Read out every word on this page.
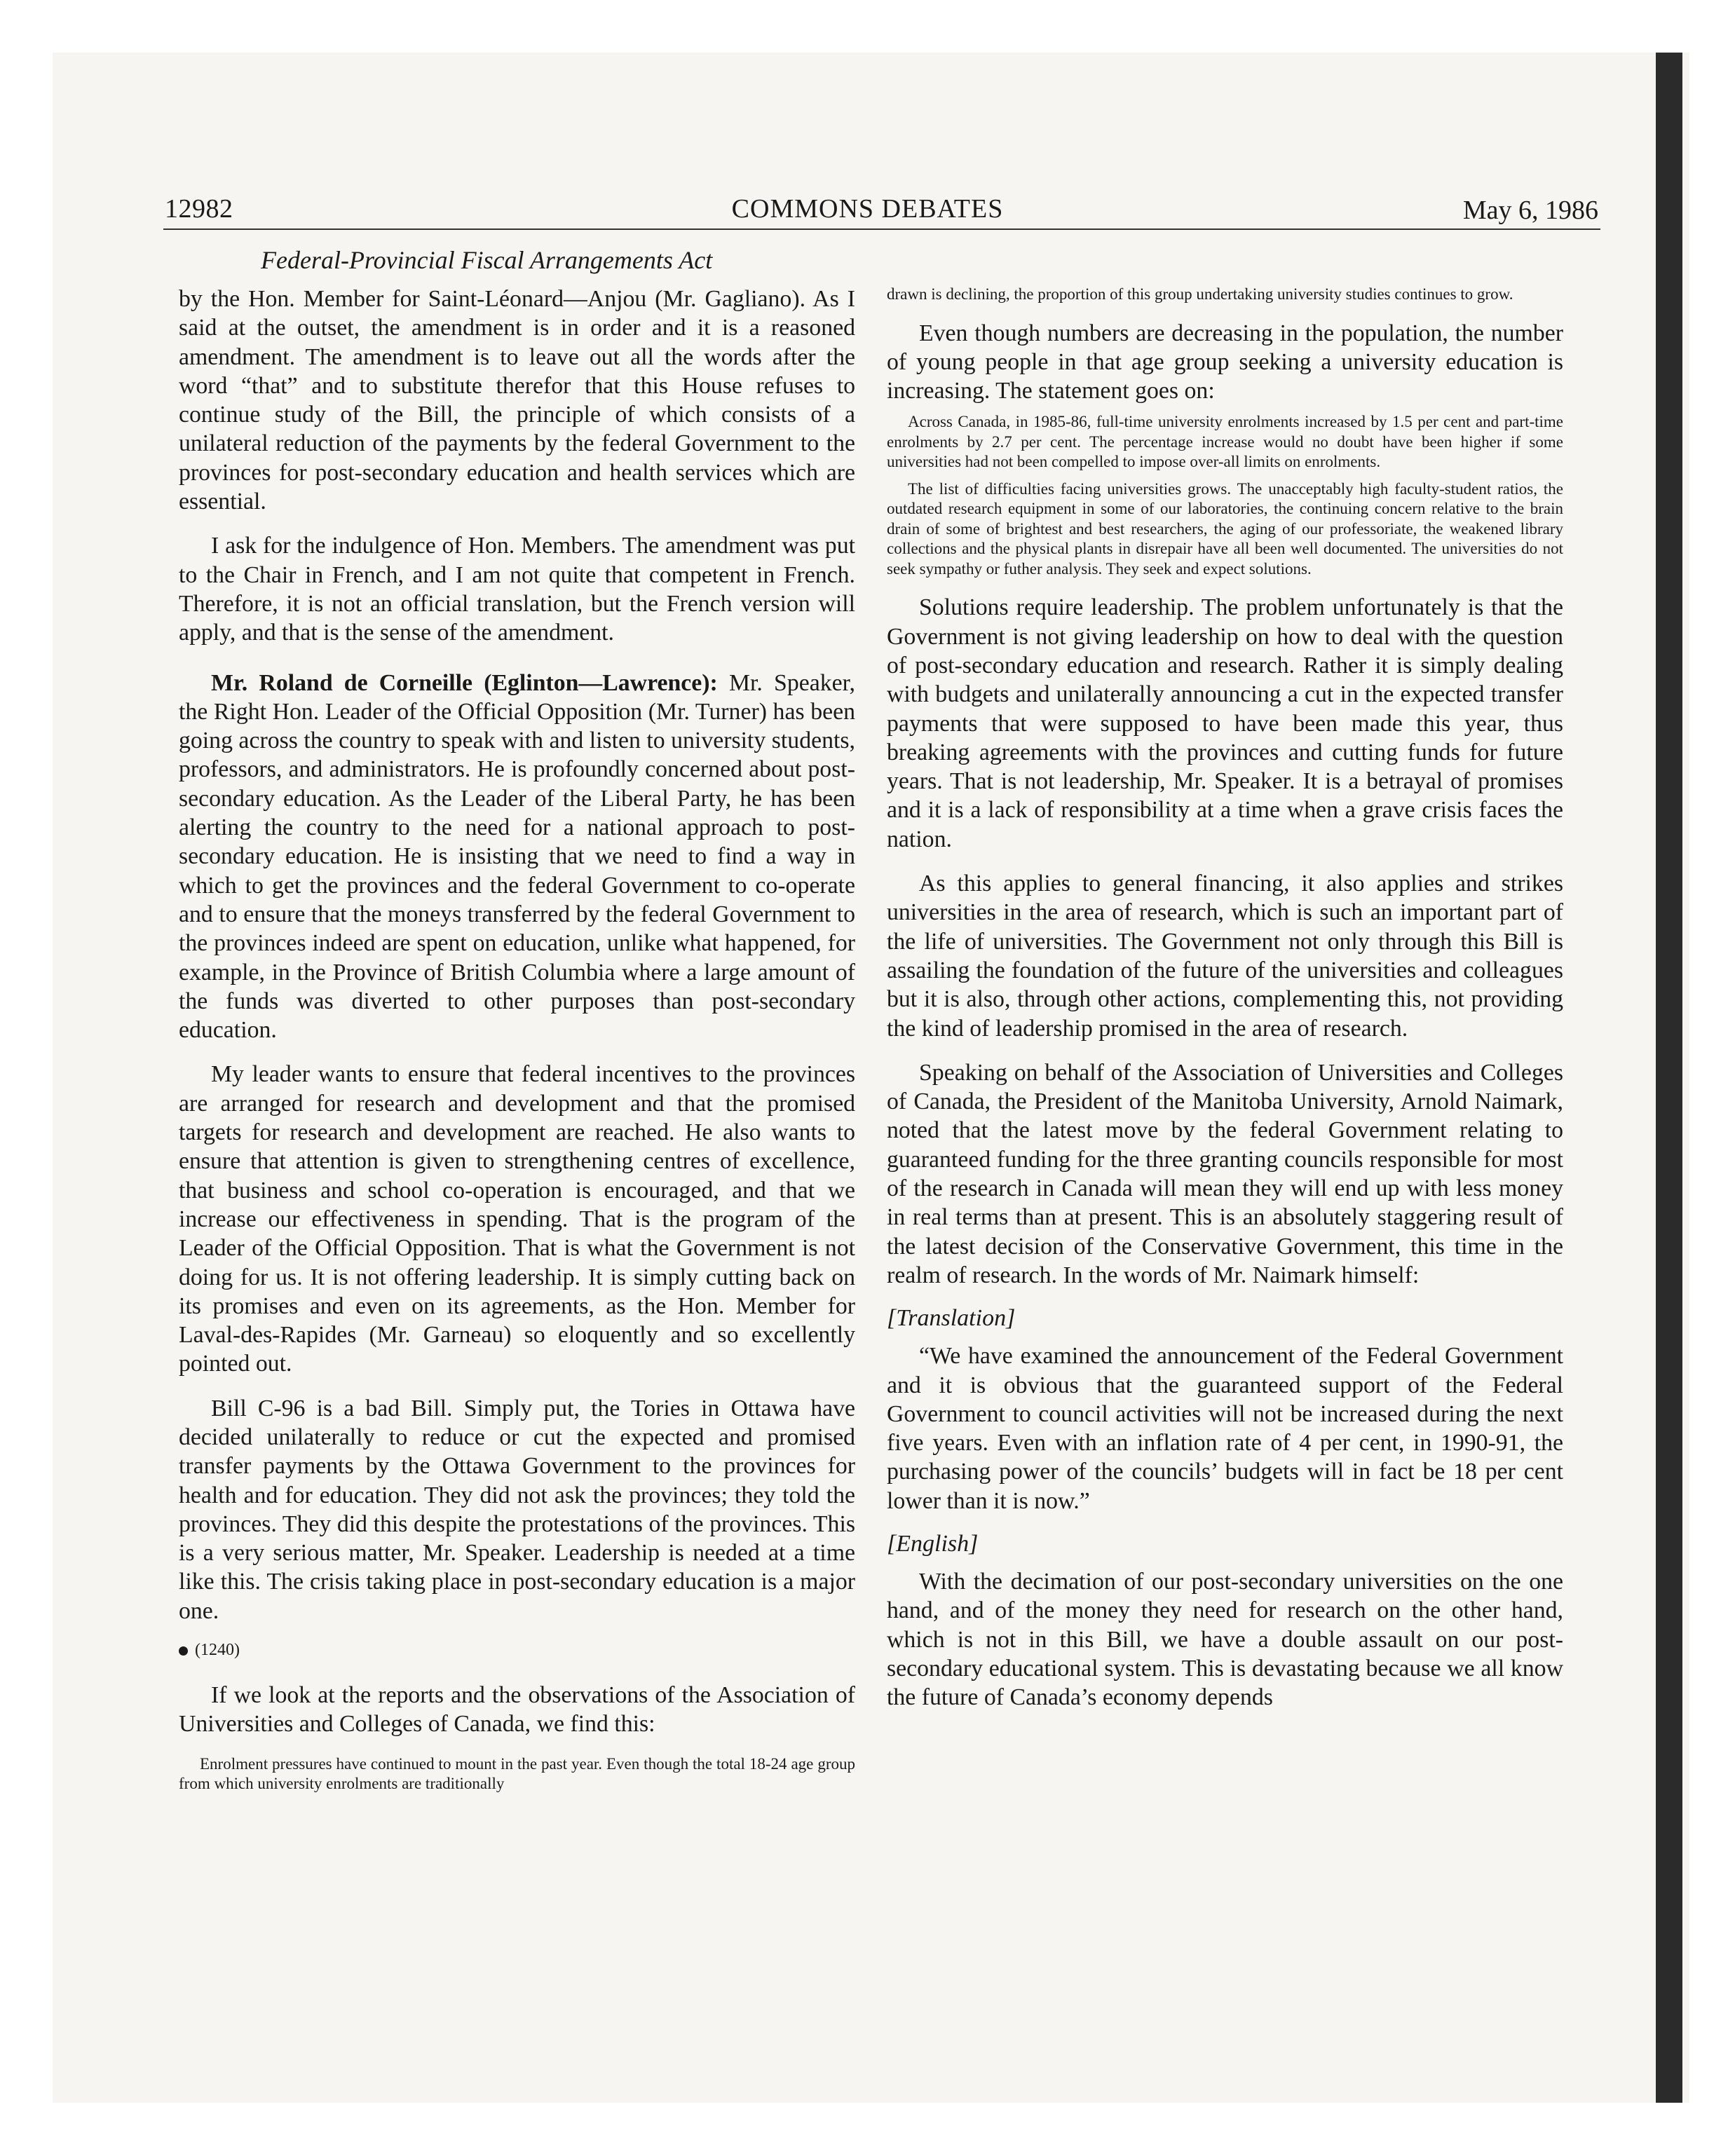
12982	COMMONS DEBATES	May 6, 1986
Federal-Provincial Fiscal Arrangements Act

by the Hon. Member for Saint-Léonard—Anjou (Mr. Gagliano). As I said at the outset, the amendment is in order and it is a reasoned amendment. The amendment is to leave out all the words after the word “that” and to substitute therefor that this House refuses to continue study of the Bill, the principle of which consists of a unilateral reduction of the payments by the federal Government to the provinces for post-secondary education and health services which are essential.

I ask for the indulgence of Hon. Members. The amendment was put to the Chair in French, and I am not quite that competent in French. Therefore, it is not an official translation, but the French version will apply, and that is the sense of the amendment.

Mr. Roland de Corneille (Eglinton—Lawrence): Mr. Speaker, the Right Hon. Leader of the Official Opposition (Mr. Turner) has been going across the country to speak with and listen to university students, professors, and administrators. He is profoundly concerned about post-secondary education. As the Leader of the Liberal Party, he has been alerting the country to the need for a national approach to post-secondary education. He is insisting that we need to find a way in which to get the provinces and the federal Government to co-operate and to ensure that the moneys transferred by the federal Government to the provinces indeed are spent on education, unlike what happened, for example, in the Province of British Columbia where a large amount of the funds was diverted to other purposes than post-secondary education.

My leader wants to ensure that federal incentives to the provinces are arranged for research and development and that the promised targets for research and development are reached. He also wants to ensure that attention is given to strengthening centres of excellence, that business and school co-operation is encouraged, and that we increase our effectiveness in spending. That is the program of the Leader of the Official Opposition. That is what the Government is not doing for us. It is not offering leadership. It is simply cutting back on its promises and even on its agreements, as the Hon. Member for Laval-des-Rapides (Mr. Garneau) so eloquently and so excellently pointed out.

Bill C-96 is a bad Bill. Simply put, the Tories in Ottawa have decided unilaterally to reduce or cut the expected and promised transfer payments by the Ottawa Government to the provinces for health and for education. They did not ask the provinces; they told the provinces. They did this despite the protestations of the provinces. This is a very serious matter, Mr. Speaker. Leadership is needed at a time like this. The crisis taking place in post-secondary education is a major one.

(1240)

If we look at the reports and the observations of the Association of Universities and Colleges of Canada, we find this:

Enrolment pressures have continued to mount in the past year. Even though the total 18-24 age group from which university enrolments are traditionally

drawn is declining, the proportion of this group undertaking university studies continues to grow.

Even though numbers are decreasing in the population, the number of young people in that age group seeking a university education is increasing. The statement goes on:

Across Canada, in 1985-86, full-time university enrolments increased by 1.5 per cent and part-time enrolments by 2.7 per cent. The percentage increase would no doubt have been higher if some universities had not been compelled to impose over-all limits on enrolments.

The list of difficulties facing universities grows. The unacceptably high faculty-student ratios, the outdated research equipment in some of our laboratories, the continuing concern relative to the brain drain of some of brightest and best researchers, the aging of our professoriate, the weakened library collections and the physical plants in disrepair have all been well documented. The universities do not seek sympathy or futher analysis. They seek and expect solutions.

Solutions require leadership. The problem unfortunately is that the Government is not giving leadership on how to deal with the question of post-secondary education and research. Rather it is simply dealing with budgets and unilaterally announcing a cut in the expected transfer payments that were supposed to have been made this year, thus breaking agreements with the provinces and cutting funds for future years. That is not leadership, Mr. Speaker. It is a betrayal of promises and it is a lack of responsibility at a time when a grave crisis faces the nation.

As this applies to general financing, it also applies and strikes universities in the area of research, which is such an important part of the life of universities. The Government not only through this Bill is assailing the foundation of the future of the universities and colleagues but it is also, through other actions, complementing this, not providing the kind of leadership promised in the area of research.

Speaking on behalf of the Association of Universities and Colleges of Canada, the President of the Manitoba University, Arnold Naimark, noted that the latest move by the federal Government relating to guaranteed funding for the three granting councils responsible for most of the research in Canada will mean they will end up with less money in real terms than at present. This is an absolutely staggering result of the latest decision of the Conservative Government, this time in the realm of research. In the words of Mr. Naimark himself:

[Translation]

“We have examined the announcement of the Federal Government and it is obvious that the guaranteed support of the Federal Government to council activities will not be increased during the next five years. Even with an inflation rate of 4 per cent, in 1990-91, the purchasing power of the councils’ budgets will in fact be 18 per cent lower than it is now.”

[English]

With the decimation of our post-secondary universities on the one hand, and of the money they need for research on the other hand, which is not in this Bill, we have a double assault on our post-secondary educational system. This is devastating because we all know the future of Canada’s economy depends
